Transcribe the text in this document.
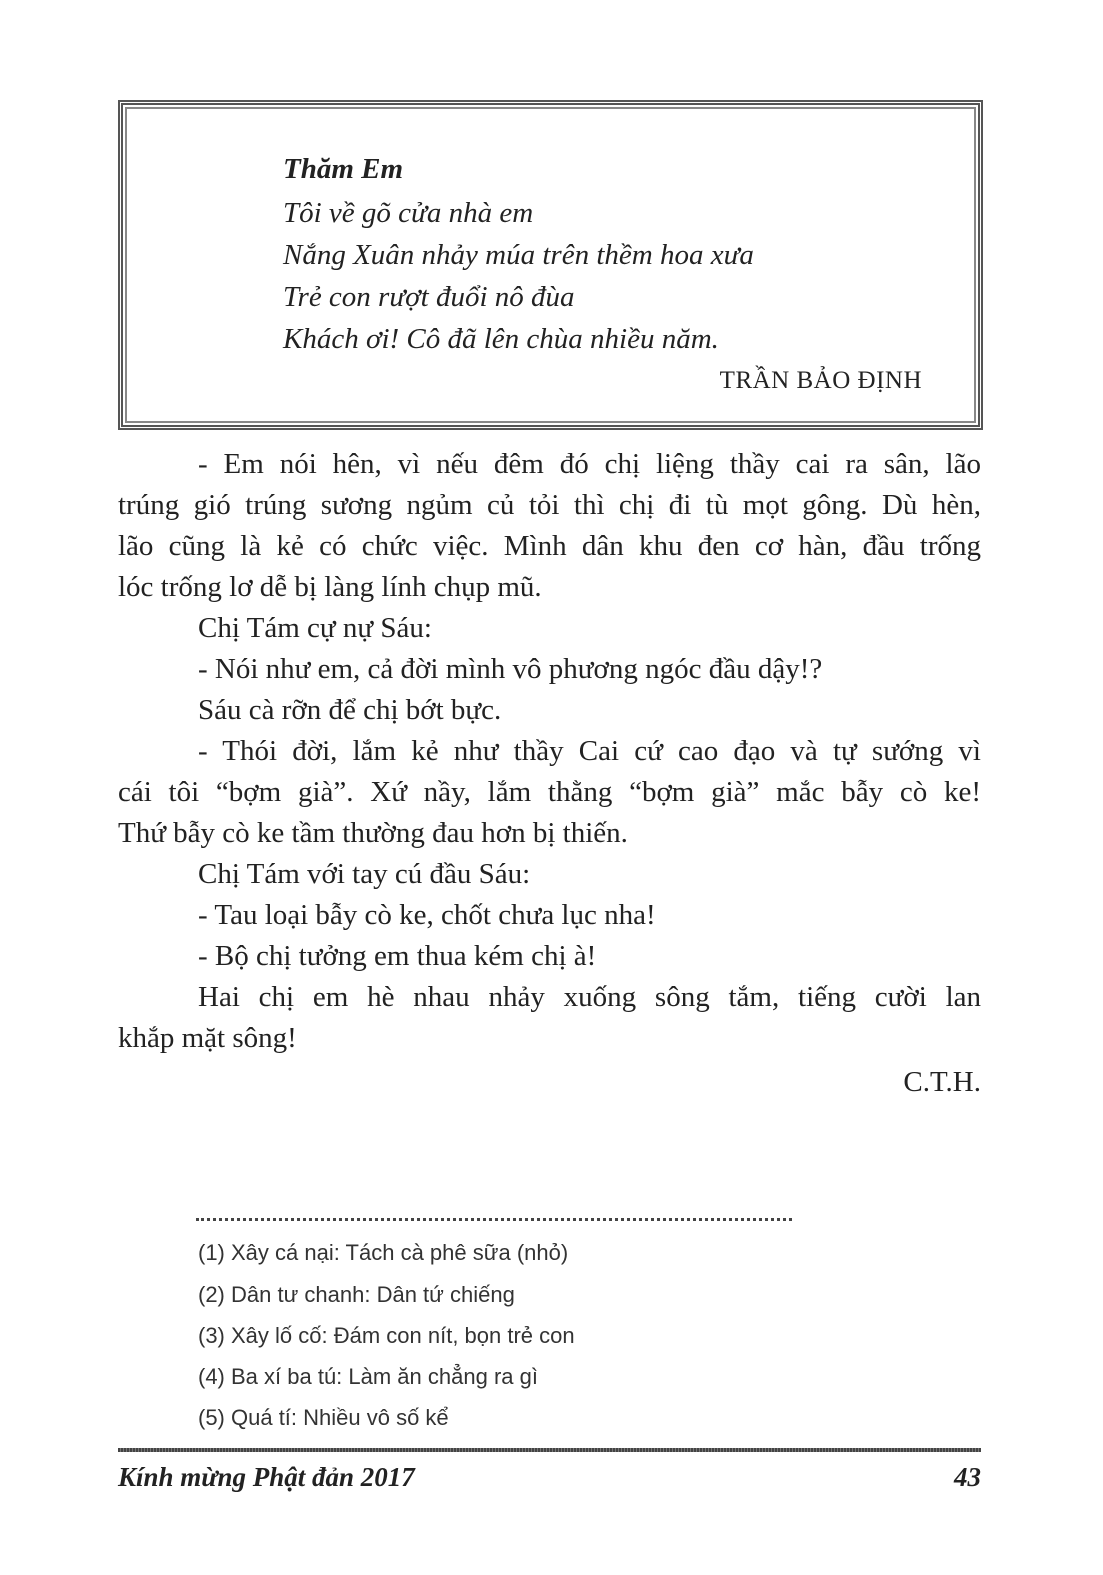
Thăm Em
Tôi về gõ cửa nhà em
Nắng Xuân nhảy múa trên thềm hoa xưa
Trẻ con rượt đuổi nô đùa
Khách ơi! Cô đã lên chùa nhiều năm.
TRẦN BẢO ĐỊNH
- Em nói hên, vì nếu đêm đó chị liệng thầy cai ra sân, lão
trúng gió trúng sương ngủm củ tỏi thì chị đi tù mọt gông. Dù hèn,
lão cũng là kẻ có chức việc. Mình dân khu đen cơ hàn, đầu trống
lóc trống lơ dễ bị làng lính chụp mũ.
Chị Tám cự nự Sáu:
- Nói như em, cả đời mình vô phương ngóc đầu dậy!?
Sáu cà rỡn để chị bớt bực.
- Thói đời, lắm kẻ như thầy Cai cứ cao đạo và tự sướng vì
cái tôi “bợm già”. Xứ nầy, lắm thằng “bợm già” mắc bẫy cò ke!
Thứ bẫy cò ke tầm thường đau hơn bị thiến.
Chị Tám với tay cú đầu Sáu:
- Tau loại bẫy cò ke, chốt chưa lục nha!
- Bộ chị tưởng em thua kém chị à!
Hai chị em hè nhau nhảy xuống sông tắm, tiếng cười lan
khắp mặt sông!
C.T.H.
(1) Xây cá nại: Tách cà phê sữa (nhỏ)
(2) Dân tư chanh: Dân tứ chiếng
(3) Xây lố cố: Đám con nít, bọn trẻ con
(4) Ba xí ba tú: Làm ăn chẳng ra gì
(5) Quá tí: Nhiều vô số kể
Kính mừng Phật đản 2017	43
